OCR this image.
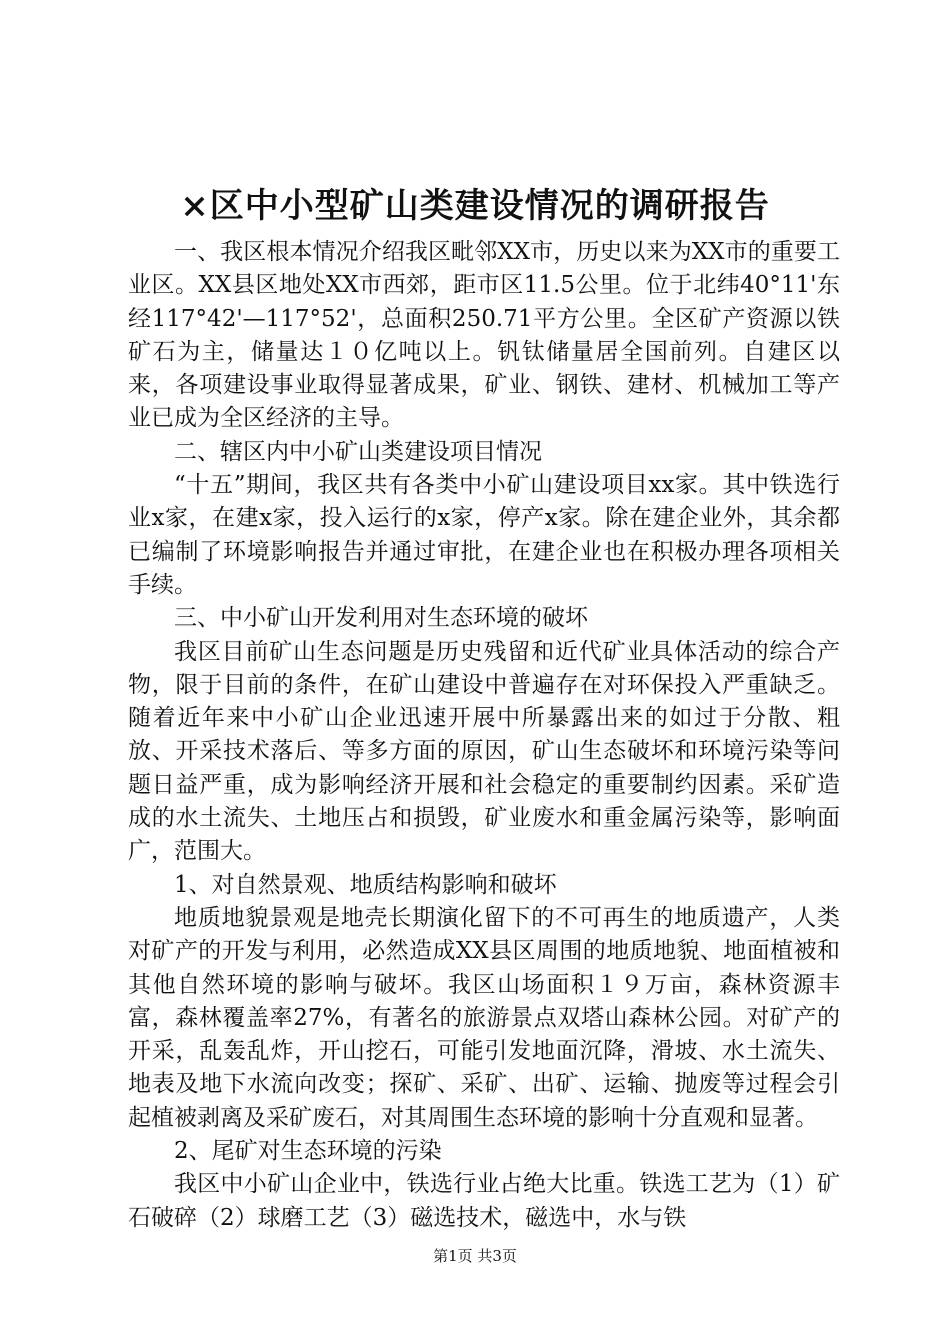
×区中小型矿山类建设情况的调研报告

一、我区根本情况介绍我区毗邻XX市，历史以来为XX市的重要工业区。XX县区地处XX市西郊，距市区11.5公里。位于北纬40°11'东经117°42'—117°52'，总面积250.71平方公里。全区矿产资源以铁矿石为主，储量达１０亿吨以上。钒钛储量居全国前列。自建区以来，各项建设事业取得显著成果，矿业、钢铁、建材、机械加工等产业已成为全区经济的主导。

二、辖区内中小矿山类建设项目情况

“十五”期间，我区共有各类中小矿山建设项目xx家。其中铁选行业x家，在建x家，投入运行的x家，停产x家。除在建企业外，其余都已编制了环境影响报告并通过审批，在建企业也在积极办理各项相关手续。

三、中小矿山开发利用对生态环境的破坏

我区目前矿山生态问题是历史残留和近代矿业具体活动的综合产物，限于目前的条件，在矿山建设中普遍存在对环保投入严重缺乏。随着近年来中小矿山企业迅速开展中所暴露出来的如过于分散、粗放、开采技术落后、等多方面的原因，矿山生态破坏和环境污染等问题日益严重，成为影响经济开展和社会稳定的重要制约因素。采矿造成的水土流失、土地压占和损毁，矿业废水和重金属污染等，影响面广，范围大。

1、对自然景观、地质结构影响和破坏

地质地貌景观是地壳长期演化留下的不可再生的地质遗产，人类对矿产的开发与利用，必然造成XX县区周围的地质地貌、地面植被和其他自然环境的影响与破坏。我区山场面积１９万亩，森林资源丰富，森林覆盖率27%，有著名的旅游景点双塔山森林公园。对矿产的开采，乱轰乱炸，开山挖石，可能引发地面沉降，滑坡、水土流失、地表及地下水流向改变；探矿、采矿、出矿、运输、抛废等过程会引起植被剥离及采矿废石，对其周围生态环境的影响十分直观和显著。

2、尾矿对生态环境的污染

我区中小矿山企业中，铁选行业占绝大比重。铁选工艺为（1）矿石破碎（2）球磨工艺（3）磁选技术，磁选中，水与铁

第1页 共3页
